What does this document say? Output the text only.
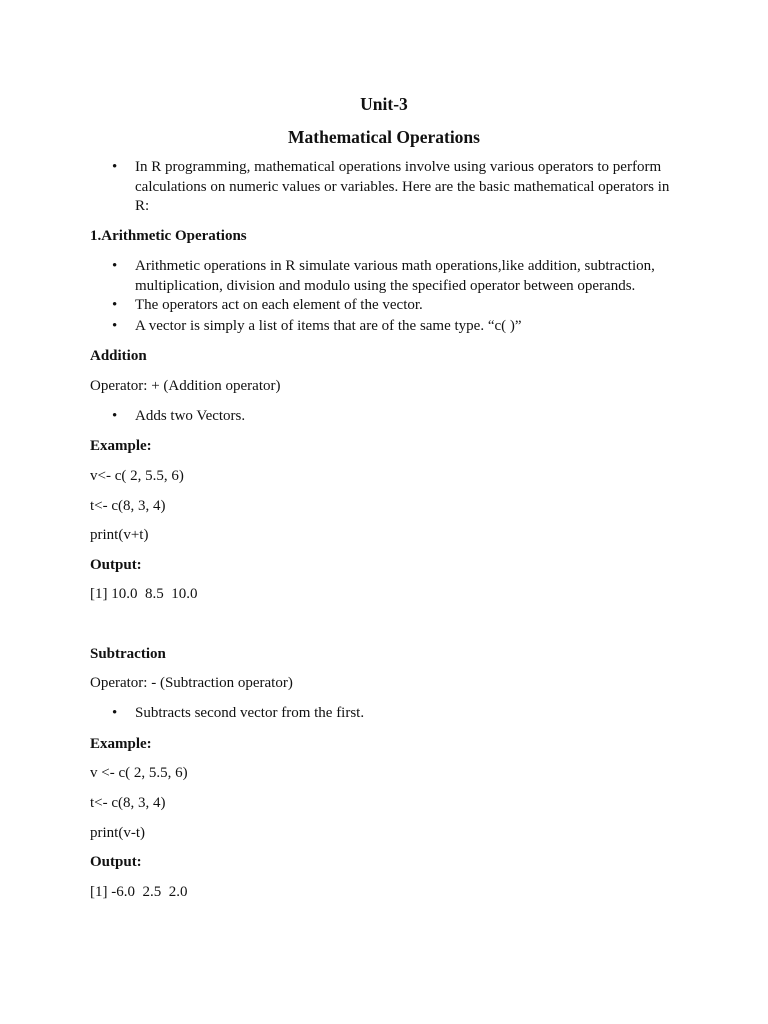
Unit-3
Mathematical Operations
• In R programming, mathematical operations involve using various operators to perform calculations on numeric values or variables. Here are the basic mathematical operators in R:
1.Arithmetic Operations
• Arithmetic operations in R simulate various math operations,like addition, subtraction, multiplication, division and modulo using the specified operator between operands.
• The operators act on each element of the vector.
• A vector is simply a list of items that are of the same type. “c( )”
Addition
Operator: + (Addition operator)
• Adds two Vectors.
Example:
v<- c( 2, 5.5, 6)
t<- c(8, 3, 4)
print(v+t)
Output:
[1] 10.0  8.5  10.0
Subtraction
Operator: - (Subtraction operator)
• Subtracts second vector from the first.
Example:
v <- c( 2, 5.5, 6)
t<- c(8, 3, 4)
print(v-t)
Output:
[1] -6.0  2.5  2.0
